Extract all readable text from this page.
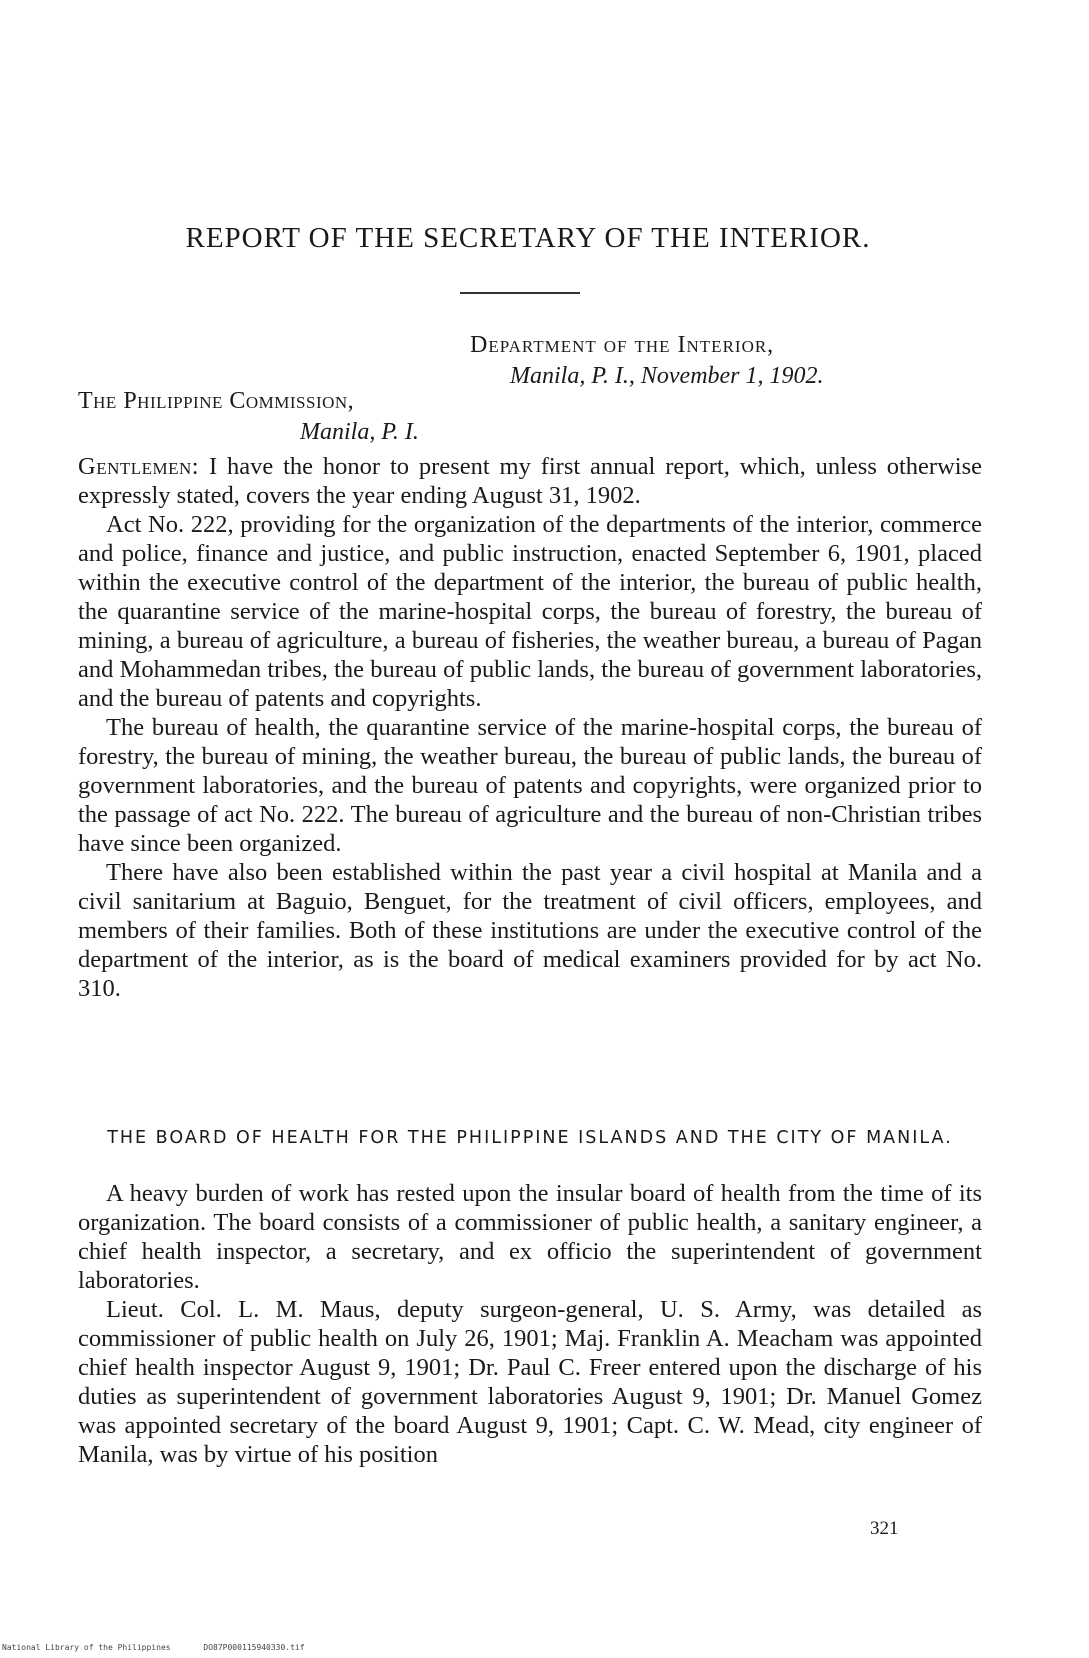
REPORT OF THE SECRETARY OF THE INTERIOR.
Department of the Interior,
Manila, P. I., November 1, 1902.
The Philippine Commission,
Manila, P. I.

Gentlemen: I have the honor to present my first annual report, which, unless otherwise expressly stated, covers the year ending August 31, 1902.

Act No. 222, providing for the organization of the departments of the interior, commerce and police, finance and justice, and public instruction, enacted September 6, 1901, placed within the executive control of the department of the interior, the bureau of public health, the quarantine service of the marine-hospital corps, the bureau of forestry, the bureau of mining, a bureau of agriculture, a bureau of fisheries, the weather bureau, a bureau of Pagan and Mohammedan tribes, the bureau of public lands, the bureau of government laboratories, and the bureau of patents and copyrights.

The bureau of health, the quarantine service of the marine-hospital corps, the bureau of forestry, the bureau of mining, the weather bureau, the bureau of public lands, the bureau of government laboratories, and the bureau of patents and copyrights, were organized prior to the passage of act No. 222. The bureau of agriculture and the bureau of non-Christian tribes have since been organized.

There have also been established within the past year a civil hospital at Manila and a civil sanitarium at Baguio, Benguet, for the treatment of civil officers, employees, and members of their families. Both of these institutions are under the executive control of the department of the interior, as is the board of medical examiners provided for by act No. 310.

THE BOARD OF HEALTH FOR THE PHILIPPINE ISLANDS AND THE CITY OF MANILA.

A heavy burden of work has rested upon the insular board of health from the time of its organization. The board consists of a commissioner of public health, a sanitary engineer, a chief health inspector, a secretary, and ex officio the superintendent of government laboratories.

Lieut. Col. L. M. Maus, deputy surgeon-general, U. S. Army, was detailed as commissioner of public health on July 26, 1901; Maj. Franklin A. Meacham was appointed chief health inspector August 9, 1901; Dr. Paul C. Freer entered upon the discharge of his duties as superintendent of government laboratories August 9, 1901; Dr. Manuel Gomez was appointed secretary of the board August 9, 1901; Capt. C. W. Mead, city engineer of Manila, was by virtue of his position

321
National Library of the Philippines	DO87P000115940330.tif
